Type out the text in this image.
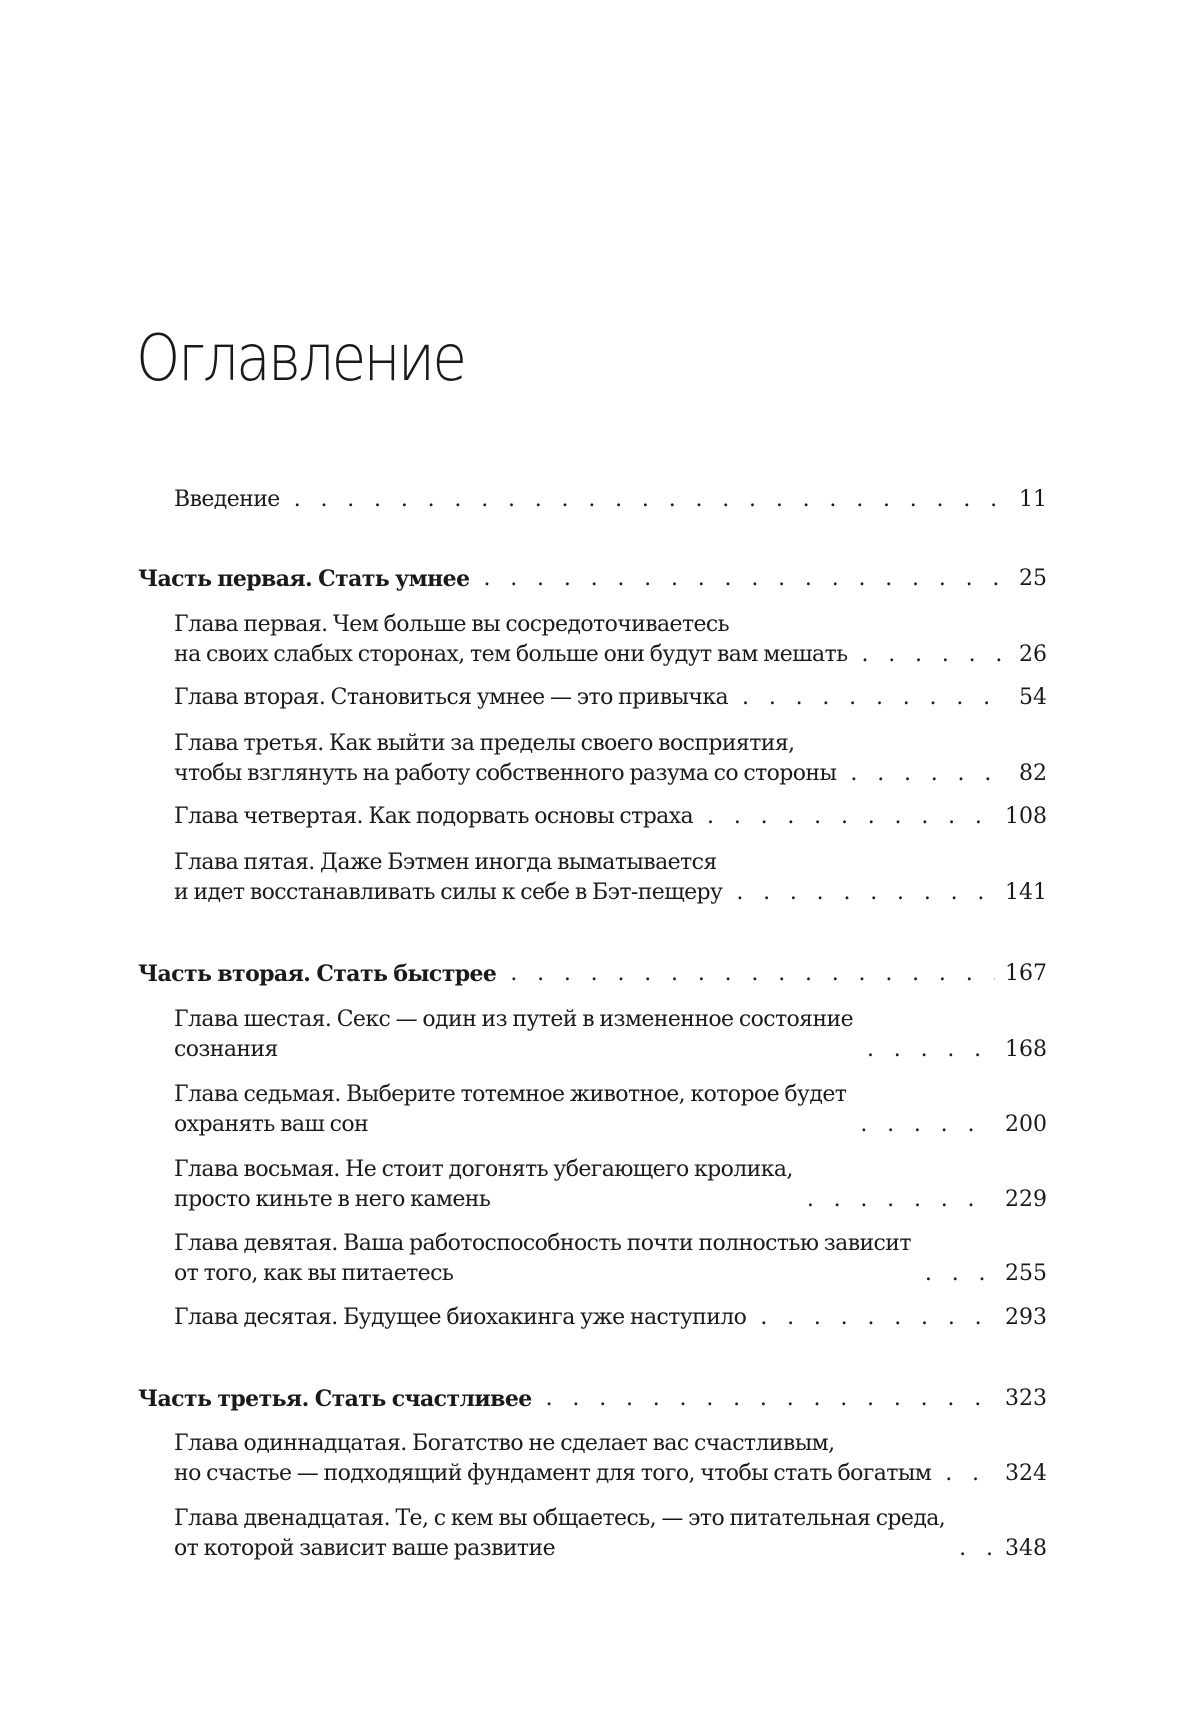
Оглавление
Введение . . .	11
Часть первая. Стать умнее . . .	25
Глава первая. Чем больше вы сосредоточиваетесь
на своих слабых сторонах, тем больше они будут вам мешать . . .	26
Глава вторая. Становиться умнее — это привычка . . .	54
Глава третья. Как выйти за пределы своего восприятия,
чтобы взглянуть на работу собственного разума со стороны . . .	82
Глава четвертая. Как подорвать основы страха . . .	108
Глава пятая. Даже Бэтмен иногда выматывается
и идет восстанавливать силы к себе в Бэт-пещеру . . .	141
Часть вторая. Стать быстрее . . .	167
Глава шестая. Секс — один из путей в измененное состояние
сознания . . .	168
Глава седьмая. Выберите тотемное животное, которое будет
охранять ваш сон . . .	200
Глава восьмая. Не стоит догонять убегающего кролика,
просто киньте в него камень . . .	229
Глава девятая. Ваша работоспособность почти полностью зависит
от того, как вы питаетесь . . .	255
Глава десятая. Будущее биохакинга уже наступило . . .	293
Часть третья. Стать счастливее . . .	323
Глава одиннадцатая. Богатство не сделает вас счастливым,
но счастье — подходящий фундамент для того, чтобы стать богатым . . .	324
Глава двенадцатая. Те, с кем вы общаетесь, — это питательная среда,
от которой зависит ваше развитие . . .	348
